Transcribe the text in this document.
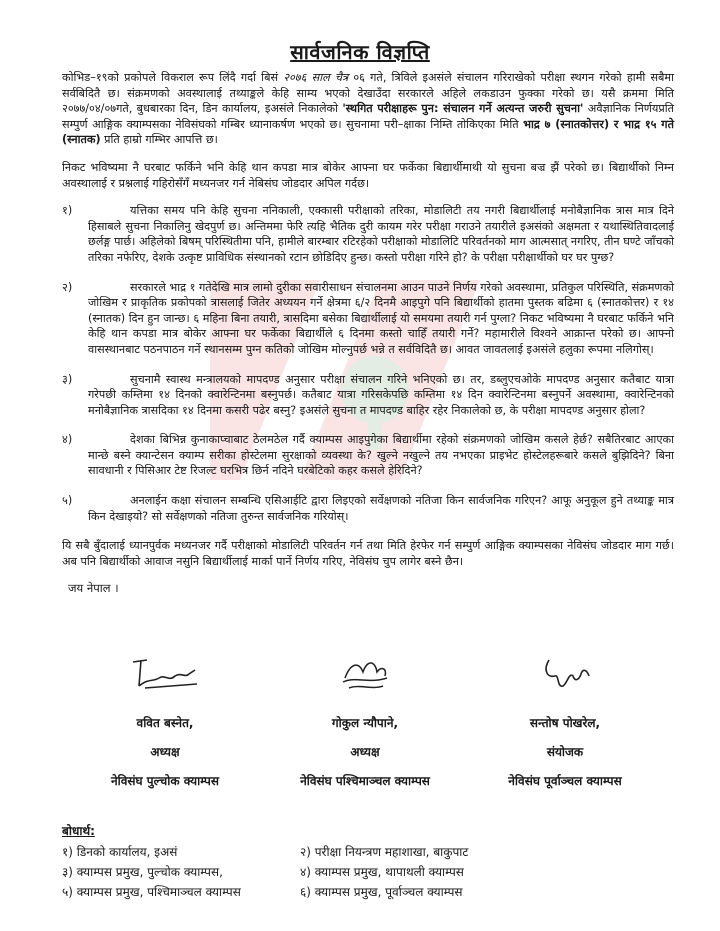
सार्वजनिक विज्ञप्ति

कोभिड–१९को प्रकोपले विकराल रूप लिंदै गर्दा बिसं २०७६ साल चैत्र ०६ गते, त्रिविले इअसंले संचालन गरिराखेको परीक्षा स्थगन गरेको हामी सबैमा सर्वबिदितै छ। संक्रमणको अवस्थालाई तथ्याङ्कले केहि साम्य भएको देखाउँदा सरकारले अहिले लकडाउन फुक्का गरेको छ। यसै क्रममा मिति २०७७/०४/०७गते, बुधबारका दिन, डिन कार्यालय, इअसंले निकालेको 'स्थगित परीक्षाहरू पुन: संचालन गर्ने अत्यन्त जरुरी सुचना' अवैज्ञानिक निर्णयप्रति सम्पुर्ण आङ्गिक क्याम्पसका नेविसंघको गम्बिर ध्यानाकर्षण भएको छ। सुचनामा परी–क्षाका निम्ति तोकिएका मिति भाद्र ७ (स्नातकोत्तर) र भाद्र १५ गते (स्नातक) प्रति हाम्रो गम्भिर आपत्ति छ।

निकट भविष्यमा नै घरबाट फर्किने भनि केहि थान कपडा मात्र बोकेर आफ्ना घर फर्केका बिद्यार्थीमाथी यो सुचना बज्र झैं परेको छ। बिद्यार्थीको निम्न अवस्थालाई र प्रश्नलाई गहिरोसँगँ मध्यनजर गर्न नेबिसंघ जोडदार अपिल गर्दछ।

१)	यत्तिका समय पनि केहि सुचना ननिकाली, एक्कासी परीक्षाको तरिका, मोडालिटी तय नगरी बिद्यार्थीलाई मनोबैज्ञानिक त्रास मात्र दिने हिसाबले सुचना निकालिनु खेदपुर्ण छ। अन्तिममा फेरि त्यहि भैतिक दुरी कायम गरेर परीक्षा गराउने तयारीले इअसंको अक्षमता र यथास्थितिवादलाई छर्लङ्ग पार्छ। अहिलेको बिषम् परिस्थितीमा पनि, हामीले बारम्बार रटिरहेको परीक्षाको मोडालिटि परिवर्तनको माग आत्मसात् नगरिए, तीन घण्टे जाँचको तरिका नफेरिए, देशके उत्कृष्ट प्राविधिक संस्थानको रटान छोडिदिए हुन्छ। कस्तो परीक्षा गरिने हो? के परीक्षा परीक्षार्थीको घर घर पुग्छ?
२)	सरकारले भाद्र १ गतेदेखि मात्र लामो दुरीका सवारीसाधन संचालनमा आउन पाउने निर्णय गरेको अवस्थामा, प्रतिकुल परिस्थिति, संक्रमणको जोखिम र प्राकृतिक प्रकोपको त्रासलाई जितेर अध्ययन गर्ने क्षेत्रमा ६/२ दिनमै आइपुगे पनि बिद्यार्थीको हातमा पुस्तक बढिमा ६ (स्नातकोत्तर) र १४ (स्नातक) दिन हुन जान्छ। ६ महिना बिना तयारी, त्रासदिमा बसेका बिद्यार्थीलाई यो समयमा तयारी गर्न पुग्ला? निकट भविष्यमा नै घरबाट फर्किने भनि केहि थान कपडा मात्र बोकेर आफ्ना घर फर्केका बिद्यार्थीले ६ दिनमा कस्तो चाहिँ तयारी गर्ने? महामारीले विश्वने आक्रान्त परेको छ। आफ्नो वासस्थानबाट पठनपाठन गर्ने स्थानसम्म पुग्न कतिको जोखिम मोल्नुपर्छ भन्ने त सर्वविदितै छ। आवत जावतलाई इअसंले हलुका रूपमा नलिगोस्।
३)	सुचनामै स्वास्थ मन्त्रालयको मापदण्ड अनुसार परीक्षा संचालन गरिने भनिएको छ। तर, डब्लुएचओके मापदण्ड अनुसार कतैबाट यात्रा गरेपछी कम्तिमा १४ दिनको क्वारेन्टिनमा बस्नुपर्छ। कतैबाट यात्रा गरिसकेपछि कम्तिमा १४ दिन क्वारेन्टिनमा बस्नुपर्ने अवस्थामा, क्वारेन्टिनको मनोबैज्ञानिक त्रासदिका १४ दिनमा कसरी पढेर बस्नु? इअसंले सुचना त मापदण्ड बाहिर रहेर निकालेको छ, के परीक्षा मापदण्ड अनुसार होला?
४)	देशका बिभिन्न कुनाकाप्चाबाट ठेलमठेल गर्दै क्याम्पस आइपुगेका बिद्यार्थीमा रहेको संक्रमणको जोखिम कसले हेर्छ? सबैतिरबाट आएका मान्छे बस्ने क्यान्टेसन क्याम्प सरीका होस्टेलमा सुरक्षाको व्यवस्था के? खुल्ने नखुल्ने तय नभएका प्राइभेट होस्टेलहरूबारे कसले बुझिदिने? बिना सावधानी र पिसिआर टेष्ट रिजल्ट घरभित्र छिर्न नदिने घरबेटिको कहर कसले हेरिदिने?
५)	अनलाईन कक्षा संचालन सम्बन्धि एसिआईटि द्वारा लिइएको सर्वेक्षणको नतिजा किन सार्वजनिक गरिएन? आफू अनुकूल हुने तथ्याङ्क मात्र किन देखाइयो? सो सर्वेक्षणको नतिजा तुरुन्त सार्वजनिक गरियोस्।

यि सबै बुँदालाई ध्यानपुर्वक मध्यनजर गर्दै परीक्षाको मोडालिटी परिवर्तन गर्न तथा मिति हेरफेर गर्न सम्पुर्ण आङ्गिक क्याम्पसका नेविसंघ जोडदार माग गर्छ। अब पनि बिद्यार्थीको आवाज नसुनि बिद्यार्थीलाई मार्का पार्ने निर्णय गरिए, नेविसंघ चुप लागेर बस्ने छैन।

जय नेपाल ।
ववित बस्नेत,
अध्यक्ष
नेविसंघ पुल्चोक क्याम्पस
गोकुल न्यौपाने,
अध्यक्ष
नेविसंघ पश्चिमाञ्चल क्याम्पस
सन्तोष पोखरेल,
संयोजक
नेविसंघ पूर्वाञ्चल क्याम्पस
बोधार्थ:
१) डिनको कार्यालय, इअसं	२) परीक्षा नियन्त्रण महाशाखा, बाकुपाट
३) क्याम्पस प्रमुख, पुल्चोक क्याम्पस,	४) क्याम्पस प्रमुख, थापाथली क्याम्पस
५) क्याम्पस प्रमुख, पश्चिमाञ्चल क्याम्पस	६) क्याम्पस प्रमुख, पूर्वाञ्चल क्याम्पस
